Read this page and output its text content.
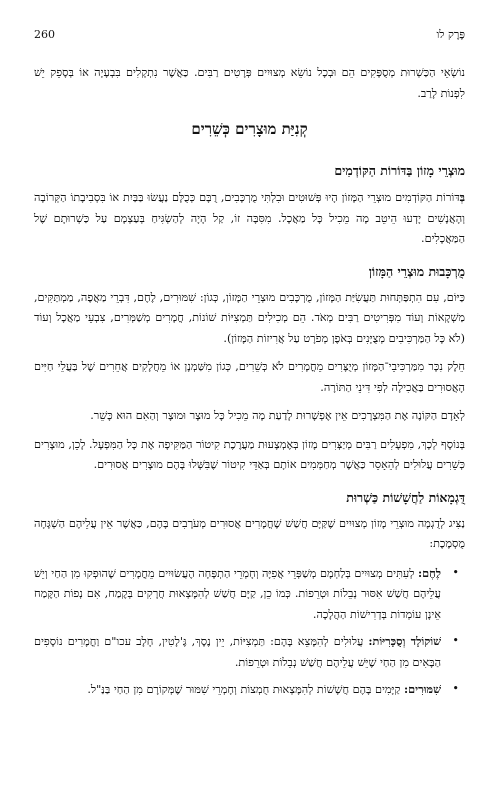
פֶּרֶק לו
260

נוֹשְׂאֵי הַכַּשְׁרוּת מְסֻפָּקִים הֵם וּבְכָל נוֹשֵׂא מְצוּיִים פְּרָטִים רַבִּים. כַּאֲשֶׁר נִתְקָלִים בִּבְעָיָה אוֹ בְּסָפֵק יֵשׁ לִפְנוֹת לָרַב.

קְנִיַּת מוּצָרִים כְּשֵׁרִים
מוּצְרֵי מָזוֹן בַּדּוֹרוֹת הַקּוֹדְמִים

בְּדּוֹרוֹת הַקּוֹדְמִים מוּצְרֵי הַמָּזוֹן הָיוּ פְּשׁוּטִים וּבִלְתִּי מֻרְכָּבִים, רֻבָּם כְּכֻלָּם נַעֲשׂוּ בַּבַּיִת אוֹ בִּסְבִיבָתוֹ הַקְּרוֹבָה וְהָאֲנָשִׁים יָדְעוּ הֵיטֵב מָה מֵכִיל כָּל מַאֲכָל. מִסִּבָּה זוֹ, קַל הָיָה לְהַשְׂגִּיחַ בְּעַצְמָם עַל כַּשְׁרוּתָם שֶׁל הַמַּאֲכָלִים.

מֻרְכָּבוּת מוּצְרֵי הַמָּזוֹן

כַּיּוֹם, עִם הִתְפַּתְּחוּת תַּעֲשִׂיַּת הַמָּזוֹן, מֻרְכָּבִים מוּצְרֵי הַמָּזוֹן, כְּגוֹן: שִׁמּוּרִים, לֶחֶם, דִּבְרֵי מַאֲפֶה, מַמְתַּקִּים, מַשְׁקָאוֹת וְעוֹד מִפְּרִיטִים רַבִּים מְאֹד. הֵם מְכִילִים תַּמְצִיּוֹת שׁוֹנוֹת, חֳמָרִים מְשַׁמְּרִים, צִבְעֵי מַאֲכָל וְעוֹד (לֹא כָּל הַמַּרְכִּיבִים מְצֻיָּנִים בְּאֹפֶן מְפֹרָט עַל אֲרִיזוֹת הַמָּזוֹן).

חֵלֶק נִכָּר מִמַּרְכִּיבֵי־הַמָּזוֹן מְיֻצָּרִים מֵחֳמָרִים לֹא כְּשֵׁרִים, כְּגוֹן מִשַּׁמְנָן אוֹ מֵחֲלָקִים אֲחֵרִים שֶׁל בַּעֲלֵי חַיִּים הָאֲסוּרִים בַּאֲכִילָה לְפִי דִּינֵי הַתּוֹרָה.

לְאָדָם הַקּוֹנֶה אֶת הַמִּצְרָכִים אֵין אֶפְשָׁרוּת לָדַעַת מָה מֵכִיל כָּל מוּצָר וּמוּצָר וְהַאִם הוּא כָּשֵׁר.

בְּנוֹסָף לְכָךְ, מִפְעָלִים רַבִּים מְיַצְּרִים מָזוֹן בְּאֶמְצָעוּת מַעֲרֶכֶת קִיטוֹר הַמַּקִּיפָה אֶת כָּל הַמִּפְעָל. לָכֵן, מוּצָרִים כְּשֵׁרִים עֲלוּלִים לְהֵאָסֵר כַּאֲשֶׁר מְחַמְּמִים אוֹתָם בְּאַדֵּי קִיטוֹר שֶׁבִּשְּׁלוּ בָּהֶם מוּצָרִים אֲסוּרִים.

דֻּגְמָאוֹת לַחֲשָׁשׁוֹת כַּשְׁרוּת

נַצִּיג לְדֻגְמָה מוּצְרֵי מָזוֹן מְצוּיִים שֶׁקַּיָּם חֲשַׁשׁ שֶׁחֳמָרִים אֲסוּרִים מְעֹרָבִים בָּהֶם, כַּאֲשֶׁר אֵין עֲלֵיהֶם הַשְׁגָּחָה מֻסְמֶכֶת:

•
לֶחֶם: לְעִתִּים מְצוּיִים בְּלַחְמָם מְשַׁפְּרֵי אֲפִיָּה וְחָמְרֵי הַתְפָּחָה הֶעֲשׂוּיִים מֵחֳמָרִים שֶׁהוּפְקוּ מִן הַחַי וְיֵשׁ עֲלֵיהֶם חֲשַׁשׁ אִסּוּר נְבֵלוֹת וּטְרֵפוֹת. כְּמוֹ כֵן, קַיָּם חֲשַׁשׁ לְהִמָּצְאוּת חֲרָקִים בְּקֶמַח, אִם נְפוֹת הַקֶּמַח אֵינָן עוֹמְדוֹת בְּדְרִישׁוֹת הַהֲלָכָה.
•
שׁוֹקוֹלָד וְסֻכָּרִיּוֹת: עֲלוּלִים לְהִמָּצֵא בָּהֶם: תַּמְצִיּוֹת, יֵין נֶסֶךְ, גֶּ'לָטִין, חָלָב עכו"ם וַחֳמָרִים נוֹסָפִים הַבָּאִים מִן הַחַי שֶׁיֵּשׁ עֲלֵיהֶם חֲשַׁשׁ נְבֵלוֹת וּטְרֵפוֹת.
•
שִׁמּוּרִים: קַיָּמִים בָּהֶם חֲשָׁשׁוֹת לְהִמָּצְאוּת חֻמְצוֹת וְחָמְרֵי שִׁמּוּר שֶׁמְּקוֹרָם מִן הַחַי בַּנַּ"ל.
